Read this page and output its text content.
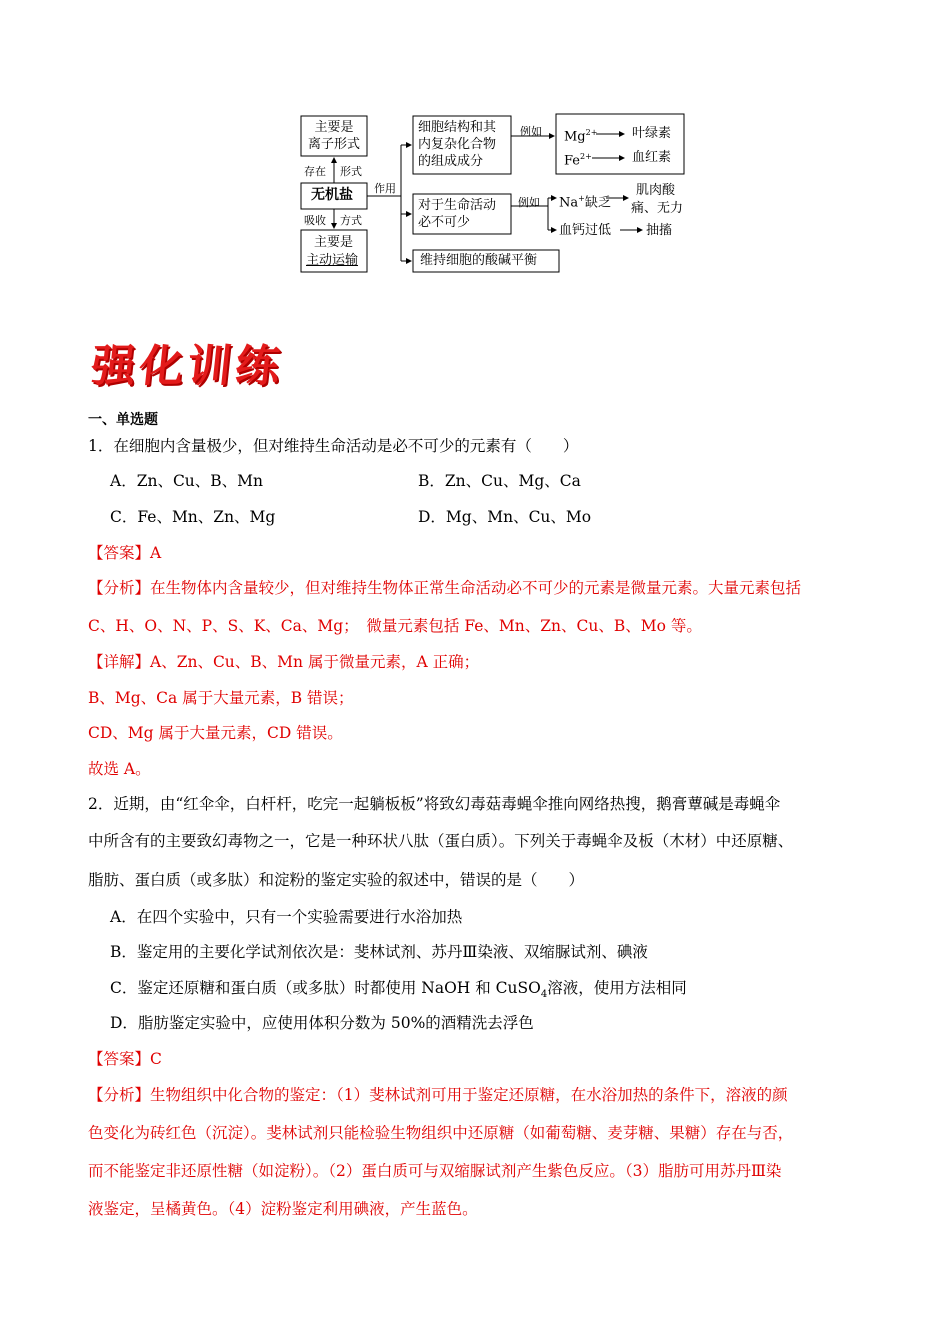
主要是
离子形式
存在 形式
无机盐
吸收 方式
主要是
主动运输
作用
细胞结构和其
内复杂化合物
的组成成分
对于生命活动
必不可少
维持细胞的酸碱平衡
例如
例如
$Mg^{2+}$	叶绿素
$Fe^{2+}$	血红素
Na+缺乏
肌肉酸
痛、无力
血钙过低	抽搐
强化训练
一、单选题
1．在细胞内含量极少，但对维持生命活动是必不可少的元素有（　　）
A．Zn、Cu、B、Mn	B．Zn、Cu、Mg、Ca
C．Fe、Mn、Zn、Mg	D．Mg、Mn、Cu、Mo
【答案】A
【分析】在生物体内含量较少，但对维持生物体正常生命活动必不可少的元素是微量元素。大量元素包括
C、H、O、N、P、S、K、Ca、Mg；　微量元素包括 Fe、Mn、Zn、Cu、B、Mo 等。
【详解】A、Zn、Cu、B、Mn 属于微量元素，A 正确；
B、Mg、Ca 属于大量元素，B 错误；
CD、Mg 属于大量元素，CD 错误。
故选 A。
2．近期，由“红伞伞，白杆杆，吃完一起躺板板”将致幻毒菇毒蝇伞推向网络热搜，鹅膏蕈碱是毒蝇伞
中所含有的主要致幻毒物之一，它是一种环状八肽（蛋白质）。下列关于毒蝇伞及板（木材）中还原糖、
脂肪、蛋白质（或多肽）和淀粉的鉴定实验的叙述中，错误的是（　　）
A．在四个实验中，只有一个实验需要进行水浴加热
B．鉴定用的主要化学试剂依次是：斐林试剂、苏丹Ⅲ染液、双缩脲试剂、碘液
C．鉴定还原糖和蛋白质（或多肽）时都使用 NaOH 和 CuSO$_4$溶液，使用方法相同
D．脂肪鉴定实验中，应使用体积分数为 50%的酒精洗去浮色
【答案】C
【分析】生物组织中化合物的鉴定：（1）斐林试剂可用于鉴定还原糖，在水浴加热的条件下，溶液的颜
色变化为砖红色（沉淀）。斐林试剂只能检验生物组织中还原糖（如葡萄糖、麦芽糖、果糖）存在与否，
而不能鉴定非还原性糖（如淀粉）。（2）蛋白质可与双缩脲试剂产生紫色反应。（3）脂肪可用苏丹Ⅲ染
液鉴定，呈橘黄色。（4）淀粉鉴定利用碘液，产生蓝色。
